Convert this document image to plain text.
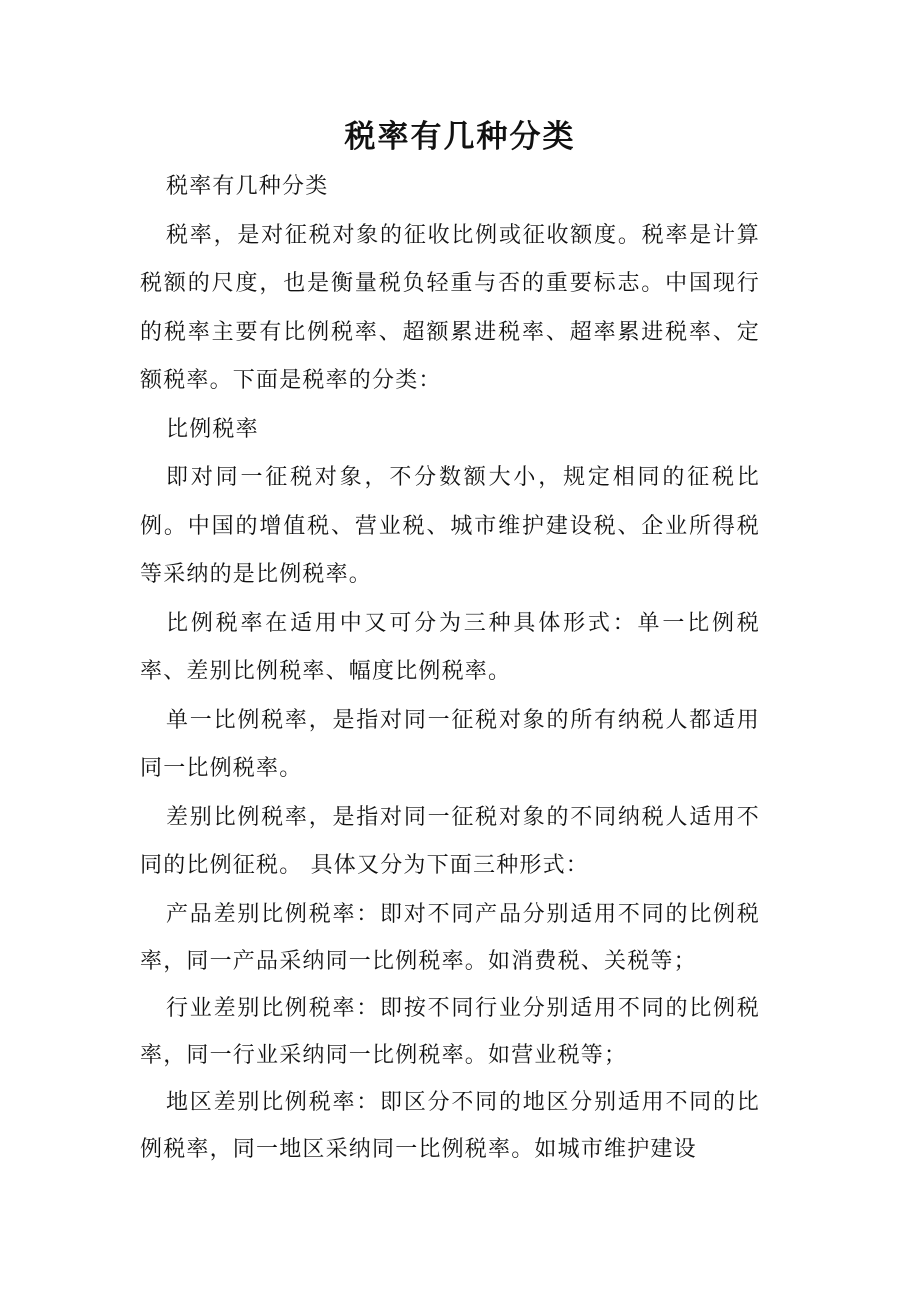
税率有几种分类

税率有几种分类

税率，是对征税对象的征收比例或征收额度。税率是计算税额的尺度，也是衡量税负轻重与否的重要标志。中国现行的税率主要有比例税率、超额累进税率、超率累进税率、定额税率。下面是税率的分类：

比例税率

即对同一征税对象，不分数额大小，规定相同的征税比例。中国的增值税、营业税、城市维护建设税、企业所得税等采纳的是比例税率。

比例税率在适用中又可分为三种具体形式：单一比例税率、差别比例税率、幅度比例税率。

单一比例税率，是指对同一征税对象的所有纳税人都适用同一比例税率。

差别比例税率，是指对同一征税对象的不同纳税人适用不同的比例征税。 具体又分为下面三种形式：

产品差别比例税率：即对不同产品分别适用不同的比例税率，同一产品采纳同一比例税率。如消费税、关税等；

行业差别比例税率：即按不同行业分别适用不同的比例税率，同一行业采纳同一比例税率。如营业税等；

地区差别比例税率：即区分不同的地区分别适用不同的比例税率，同一地区采纳同一比例税率。如城市维护建设
